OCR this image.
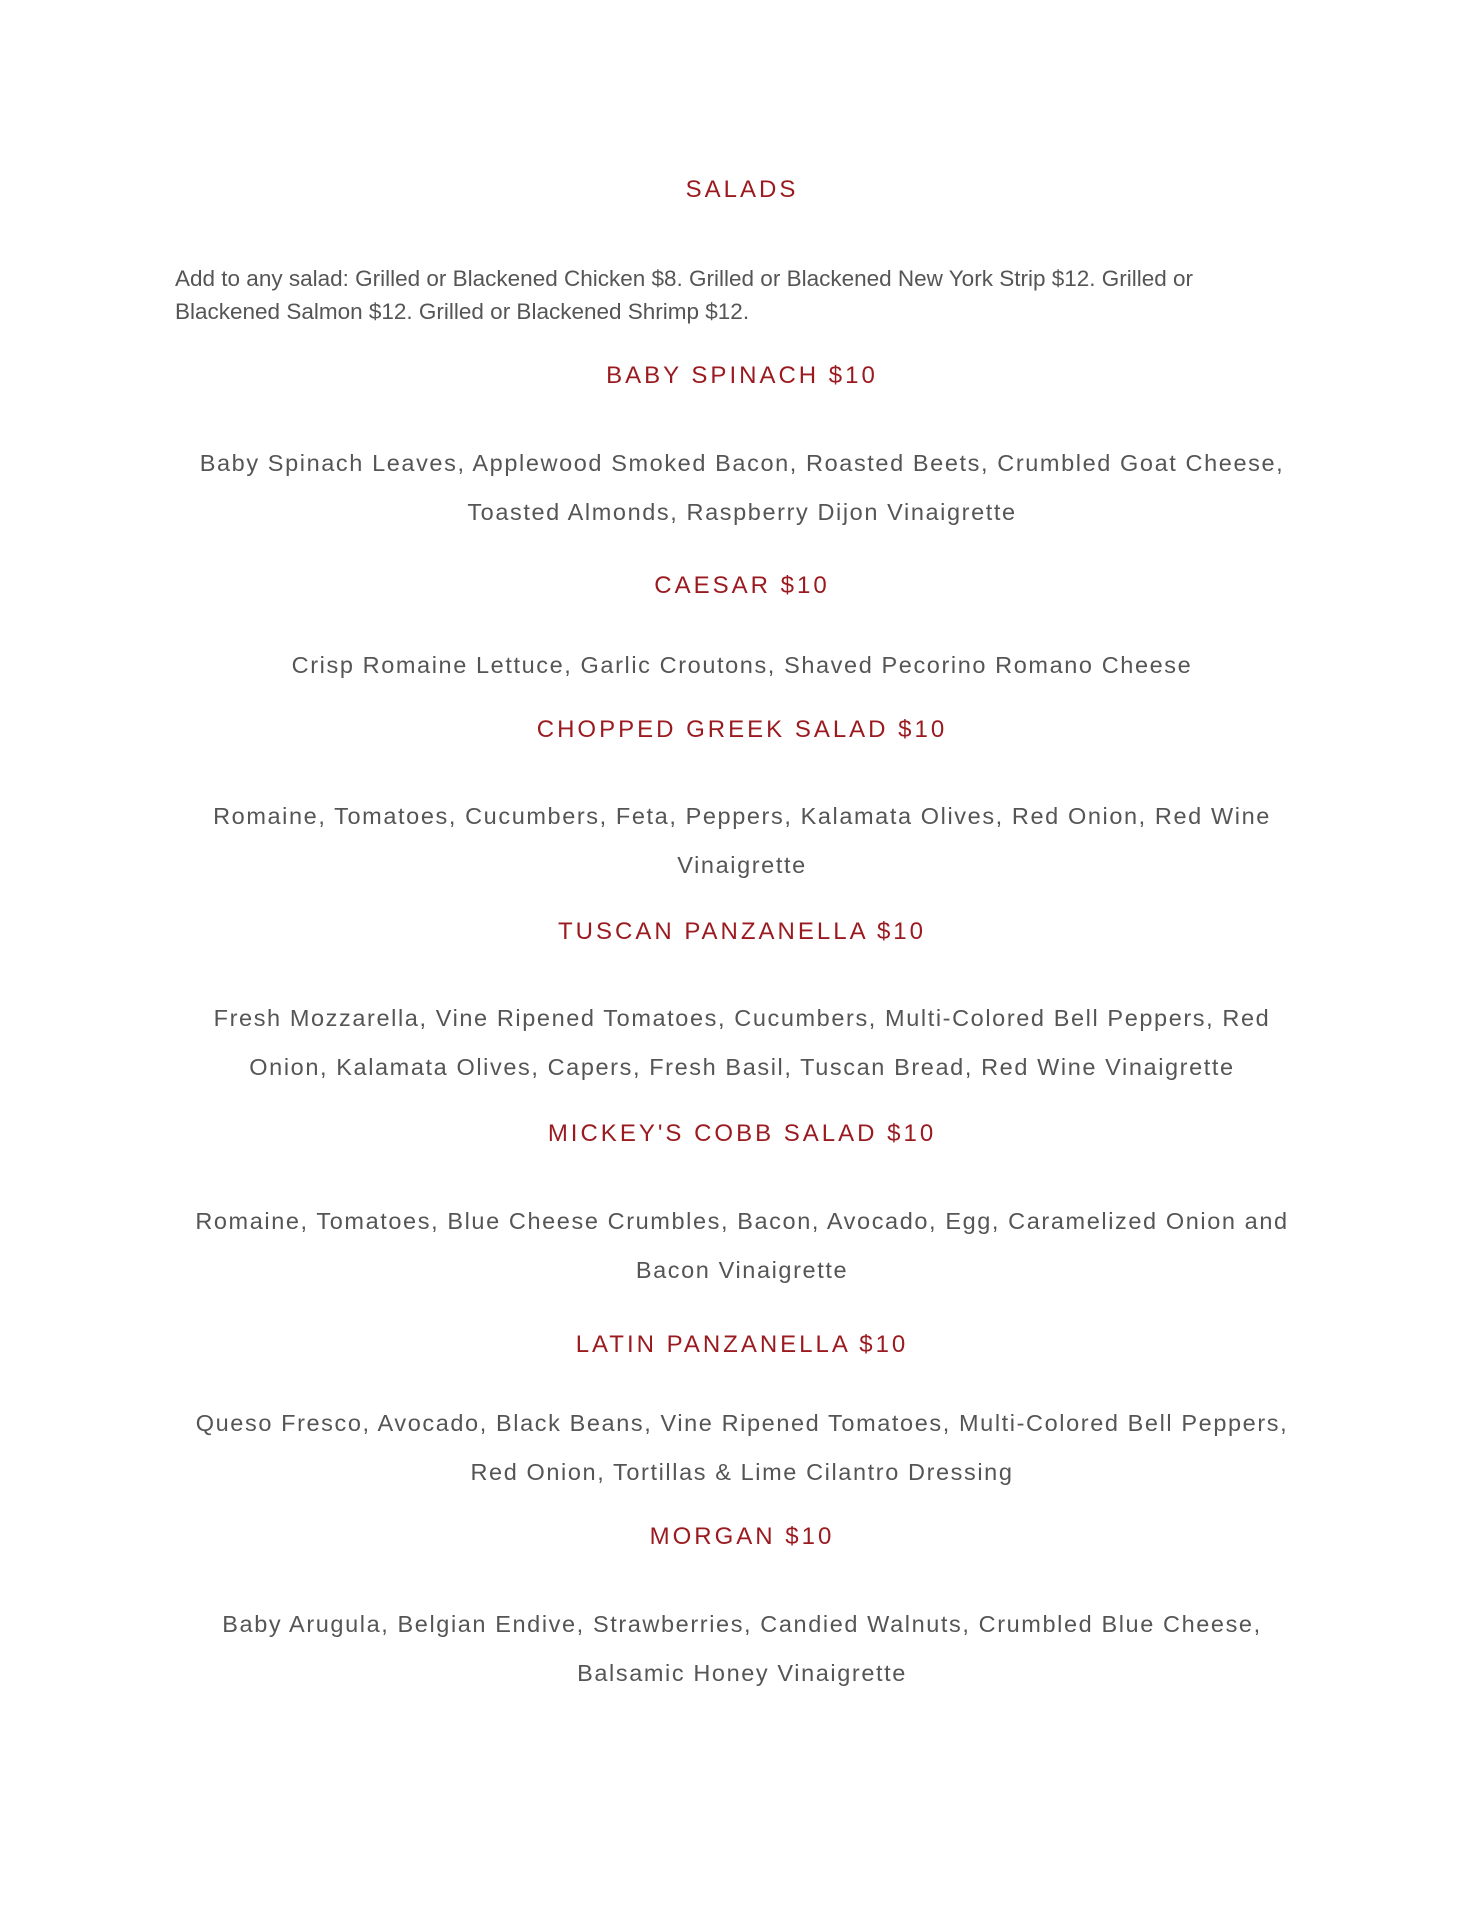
SALADS
Add to any salad: Grilled or Blackened Chicken $8. Grilled or Blackened New York Strip $12. Grilled or Blackened Salmon $12. Grilled or Blackened Shrimp $12.
BABY SPINACH $10
Baby Spinach Leaves, Applewood Smoked Bacon, Roasted Beets, Crumbled Goat Cheese, Toasted Almonds, Raspberry Dijon Vinaigrette
CAESAR $10
Crisp Romaine Lettuce, Garlic Croutons, Shaved Pecorino Romano Cheese
CHOPPED GREEK SALAD $10
Romaine, Tomatoes, Cucumbers, Feta, Peppers, Kalamata Olives, Red Onion, Red Wine Vinaigrette
TUSCAN PANZANELLA $10
Fresh Mozzarella, Vine Ripened Tomatoes, Cucumbers, Multi-Colored Bell Peppers, Red Onion, Kalamata Olives, Capers, Fresh Basil, Tuscan Bread, Red Wine Vinaigrette
MICKEY'S COBB SALAD $10
Romaine, Tomatoes, Blue Cheese Crumbles, Bacon, Avocado, Egg, Caramelized Onion and Bacon Vinaigrette
LATIN PANZANELLA $10
Queso Fresco, Avocado, Black Beans, Vine Ripened Tomatoes, Multi-Colored Bell Peppers, Red Onion, Tortillas & Lime Cilantro Dressing
MORGAN $10
Baby Arugula, Belgian Endive, Strawberries, Candied Walnuts, Crumbled Blue Cheese, Balsamic Honey Vinaigrette
